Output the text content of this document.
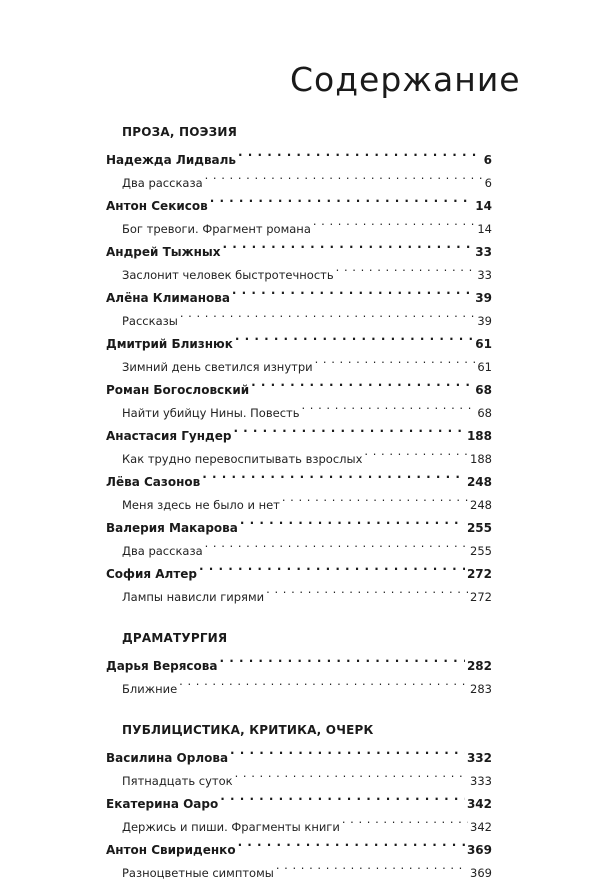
Содержание
ПРОЗА, ПОЭЗИЯ
Надежда Лидваль . . .	6
Два рассказа . . .	6
Антон Секисов . . .	14
Бог тревоги. Фрагмент романа . . .	14
Андрей Тыжных . . .	33
Заслонит человек быстротечность . . .	33
Алёна Климанова . . .	39
Рассказы . . .	39
Дмитрий Близнюк . . .	61
Зимний день светился изнутри . . .	61
Роман Богословский . . .	68
Найти убийцу Нины. Повесть . . .	68
Анастасия Гундер . . .	188
Как трудно перевоспитывать взрослых . . .	188
Лёва Сазонов . . .	248
Меня здесь не было и нет . . .	248
Валерия Макарова . . .	255
Два рассказа . . .	255
София Алтер . . .	272
Лампы нависли гирями . . .	272
ДРАМАТУРГИЯ
Дарья Верясова . . .	282
Ближние . . .	283
ПУБЛИЦИСТИКА, КРИТИКА, ОЧЕРК
Василина Орлова . . .	332
Пятнадцать суток . . .	333
Екатерина Оаро . . .	342
Держись и пиши. Фрагменты книги . . .	342
Антон Свириденко . . .	369
Разноцветные симптомы . . .	369
